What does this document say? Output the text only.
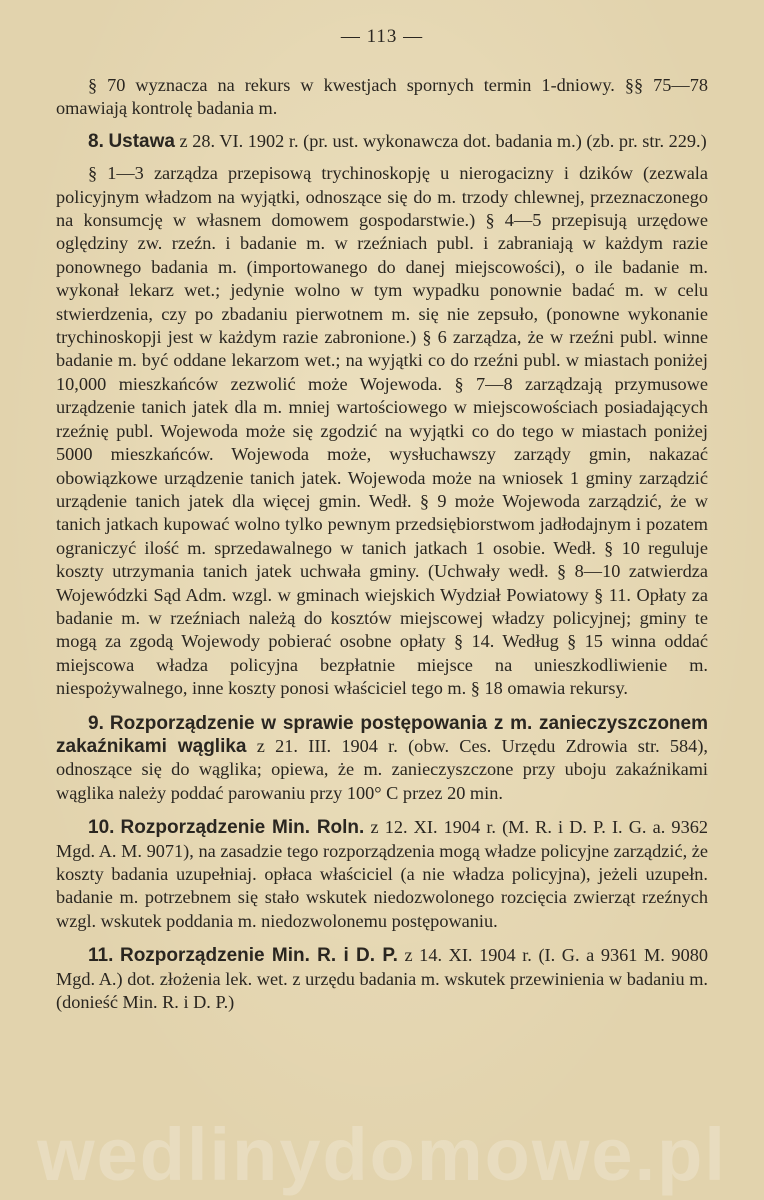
— 113 —

§ 70 wyznacza na rekurs w kwestjach spornych termin 1-dniowy. §§ 75—78 omawiają kontrolę badania m.

8. Ustawa z 28. VI. 1902 r. (pr. ust. wykonawcza dot. badania m.) (zb. pr. str. 229.)

§ 1—3 zarządza przepisową trychinoskopję u nierogacizny i dzików (zezwala policyjnym władzom na wyjątki, odnoszące się do m. trzody chlewnej, przeznaczonego na konsumcję w własnem domowem gospodarstwie.) § 4—5 przepisują urzędowe oględziny zw. rzeźn. i badanie m. w rzeźniach publ. i zabraniają w każdym razie ponownego badania m. (importowanego do danej miejscowości), o ile badanie m. wykonał lekarz wet.; jedynie wolno w tym wypadku ponownie badać m. w celu stwierdzenia, czy po zbadaniu pierwotnem m. się nie zepsuło, (ponowne wykonanie trychinoskopji jest w każdym razie zabronione.) § 6 zarządza, że w rzeźni publ. winne badanie m. być oddane lekarzom wet.; na wyjątki co do rzeźni publ. w miastach poniżej 10,000 mieszkańców zezwolić może Wojewoda. § 7—8 zarządzają przymusowe urządzenie tanich jatek dla m. mniej wartościowego w miejscowościach posiadających rzeźnię publ. Wojewoda może się zgodzić na wyjątki co do tego w miastach poniżej 5000 mieszkańców. Wojewoda może, wysłuchawszy zarządy gmin, nakazać obowiązkowe urządzenie tanich jatek. Wojewoda może na wniosek 1 gminy zarządzić urządenie tanich jatek dla więcej gmin. Wedł. § 9 może Wojewoda zarządzić, że w tanich jatkach kupować wolno tylko pewnym przedsiębiorstwom jadłodajnym i pozatem ograniczyć ilość m. sprzedawalnego w tanich jatkach 1 osobie. Wedł. § 10 reguluje koszty utrzymania tanich jatek uchwała gminy. (Uchwały wedł. § 8—10 zatwierdza Wojewódzki Sąd Adm. wzgl. w gminach wiejskich Wydział Powiatowy § 11. Opłaty za badanie m. w rzeźniach należą do kosztów miejscowej władzy policyjnej; gminy te mogą za zgodą Wojewody pobierać osobne opłaty § 14. Według § 15 winna oddać miejscowa władza policyjna bezpłatnie miejsce na unieszkodliwienie m. niespożywalnego, inne koszty ponosi właściciel tego m. § 18 omawia rekursy.

9. Rozporządzenie w sprawie postępowania z m. zanieczyszczonem zakaźnikami wąglika z 21. III. 1904 r. (obw. Ces. Urzędu Zdrowia str. 584), odnoszące się do wąglika; opiewa, że m. zanieczyszczone przy uboju zakaźnikami wąglika należy poddać parowaniu przy 100° C przez 20 min.

10. Rozporządzenie Min. Roln. z 12. XI. 1904 r. (M. R. i D. P. I. G. a. 9362 Mgd. A. M. 9071), na zasadzie tego rozporządzenia mogą władze policyjne zarządzić, że koszty badania uzupełniaj. opłaca właściciel (a nie władza policyjna), jeżeli uzupełn. badanie m. potrzebnem się stało wskutek niedozwolonego rozcięcia zwierząt rzeźnych wzgl. wskutek poddania m. niedozwolonemu postępowaniu.

11. Rozporządzenie Min. R. i D. P. z 14. XI. 1904 r. (I. G. a 9361 M. 9080 Mgd. A.) dot. złożenia lek. wet. z urzędu badania m. wskutek przewinienia w badaniu m. (donieść Min. R. i D. P.)

wedlinydomowe.pl
